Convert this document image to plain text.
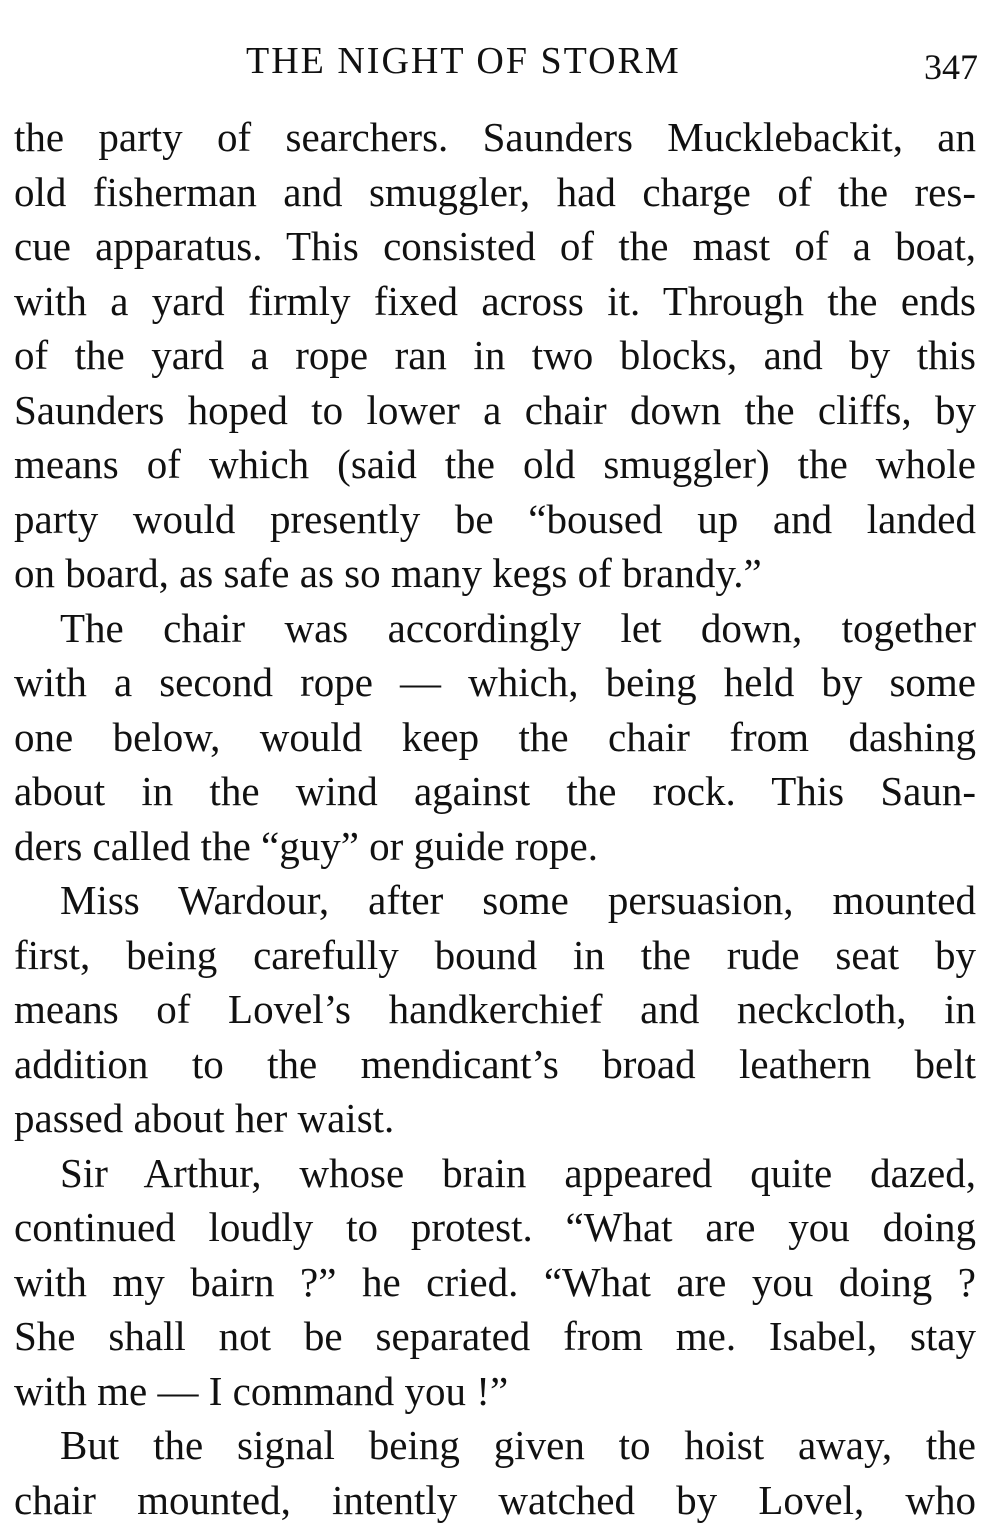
THE NIGHT OF STORM	347
the party of searchers. Saunders Mucklebackit, an
old fisherman and smuggler, had charge of the res-
cue apparatus. This consisted of the mast of a boat,
with a yard firmly fixed across it. Through the ends
of the yard a rope ran in two blocks, and by this
Saunders hoped to lower a chair down the cliffs, by
means of which (said the old smuggler) the whole
party would presently be “boused up and landed
on board, as safe as so many kegs of brandy.”
The chair was accordingly let down, together
with a second rope — which, being held by some
one below, would keep the chair from dashing
about in the wind against the rock. This Saun-
ders called the “guy” or guide rope.
Miss Wardour, after some persuasion, mounted
first, being carefully bound in the rude seat by
means of Lovel’s handkerchief and neckcloth, in
addition to the mendicant’s broad leathern belt
passed about her waist.
Sir Arthur, whose brain appeared quite dazed,
continued loudly to protest. “What are you doing
with my bairn ?” he cried. “What are you doing ?
She shall not be separated from me. Isabel, stay
with me — I command you !”
But the signal being given to hoist away, the
chair mounted, intently watched by Lovel, who
